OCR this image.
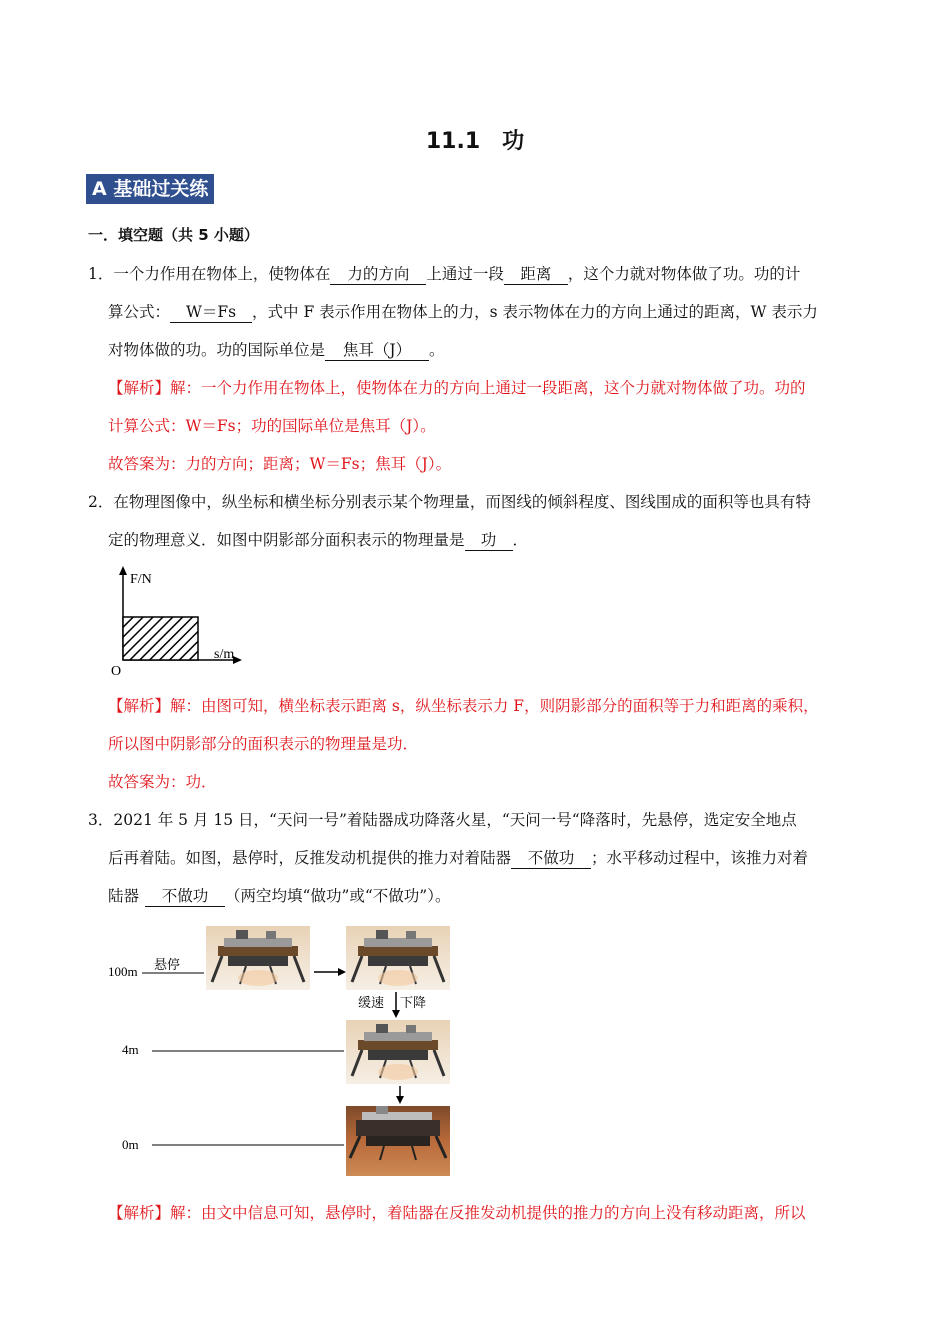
11.1　功
A 基础过关练
一．填空题（共 5 小题）
1．一个力作用在物体上，使物体在 力的方向 上通过一段 距离 ，这个力就对物体做了功。功的计
算公式： W＝Fs ，式中 F 表示作用在物体上的力，s 表示物体在力的方向上通过的距离，W 表示力
对物体做的功。功的国际单位是 焦耳（J） 。
【解析】解：一个力作用在物体上，使物体在力的方向上通过一段距离，这个力就对物体做了功。功的
计算公式：W＝Fs；功的国际单位是焦耳（J）。
故答案为：力的方向；距离；W＝Fs；焦耳（J）。
2．在物理图像中，纵坐标和横坐标分别表示某个物理量，而图线的倾斜程度、图线围成的面积等也具有特
定的物理意义．如图中阴影部分面积表示的物理量是 功 ．
F/N
s/m
O
【解析】解：由图可知，横坐标表示距离 s，纵坐标表示力 F，则阴影部分的面积等于力和距离的乘积，
所以图中阴影部分的面积表示的物理量是功．
故答案为：功．
3．2021 年 5 月 15 日，“天问一号”着陆器成功降落火星，“天问一号“降落时，先悬停，选定安全地点
后再着陆。如图，悬停时，反推发动机提供的推力对着陆器 不做功 ；水平移动过程中，该推力对着
陆器 不做功 （两空均填“做功”或“不做功”）。
100m 悬停
缓速 下降
4m
0m
【解析】解：由文中信息可知，悬停时，着陆器在反推发动机提供的推力的方向上没有移动距离，所以
